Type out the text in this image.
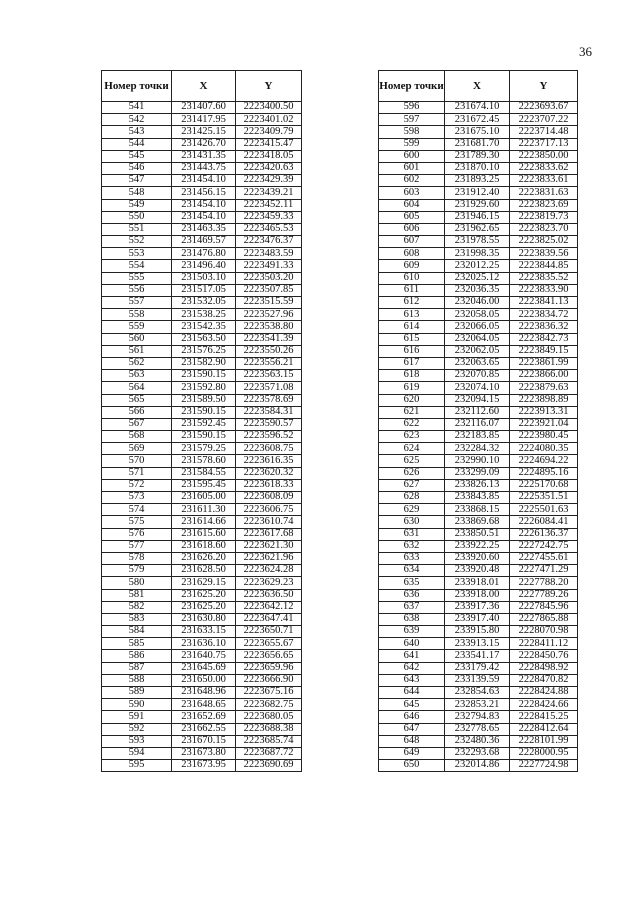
36
Номер точки	X	Y
541	231407.60	2223400.50
542	231417.95	2223401.02
543	231425.15	2223409.79
544	231426.70	2223415.47
545	231431.35	2223418.05
546	231443.75	2223420.63
547	231454.10	2223429.39
548	231456.15	2223439.21
549	231454.10	2223452.11
550	231454.10	2223459.33
551	231463.35	2223465.53
552	231469.57	2223476.37
553	231476.80	2223483.59
554	231496.40	2223491.33
555	231503.10	2223503.20
556	231517.05	2223507.85
557	231532.05	2223515.59
558	231538.25	2223527.96
559	231542.35	2223538.80
560	231563.50	2223541.39
561	231576.25	2223550.26
562	231582.90	2223556.21
563	231590.15	2223563.15
564	231592.80	2223571.08
565	231589.50	2223578.69
566	231590.15	2223584.31
567	231592.45	2223590.57
568	231590.15	2223596.52
569	231579.25	2223608.75
570	231578.60	2223616.35
571	231584.55	2223620.32
572	231595.45	2223618.33
573	231605.00	2223608.09
574	231611.30	2223606.75
575	231614.66	2223610.74
576	231615.60	2223617.68
577	231618.60	2223621.30
578	231626.20	2223621.96
579	231628.50	2223624.28
580	231629.15	2223629.23
581	231625.20	2223636.50
582	231625.20	2223642.12
583	231630.80	2223647.41
584	231633.15	2223650.71
585	231636.10	2223655.67
586	231640.75	2223656.65
587	231645.69	2223659.96
588	231650.00	2223666.90
589	231648.96	2223675.16
590	231648.65	2223682.75
591	231652.69	2223680.05
592	231662.55	2223688.38
593	231670.15	2223685.74
594	231673.80	2223687.72
595	231673.95	2223690.69
Номер точки	X	Y
596	231674.10	2223693.67
597	231672.45	2223707.22
598	231675.10	2223714.48
599	231681.70	2223717.13
600	231789.30	2223850.00
601	231870.10	2223833.62
602	231893.25	2223833.61
603	231912.40	2223831.63
604	231929.60	2223823.69
605	231946.15	2223819.73
606	231962.65	2223823.70
607	231978.55	2223825.02
608	231998.35	2223839.56
609	232012.25	2223844.85
610	232025.12	2223835.52
611	232036.35	2223833.90
612	232046.00	2223841.13
613	232058.05	2223834.72
614	232066.05	2223836.32
615	232064.05	2223842.73
616	232062.05	2223849.15
617	232063.65	2223861.99
618	232070.85	2223866.00
619	232074.10	2223879.63
620	232094.15	2223898.89
621	232112.60	2223913.31
622	232116.07	2223921.04
623	232183.85	2223980.45
624	232284.32	2224080.35
625	232990.10	2224694.22
626	233299.09	2224895.16
627	233826.13	2225170.68
628	233843.85	2225351.51
629	233868.15	2225501.63
630	233869.68	2226084.41
631	233850.51	2226136.37
632	233922.25	2227242.75
633	233920.60	2227455.61
634	233920.48	2227471.29
635	233918.01	2227788.20
636	233918.00	2227789.26
637	233917.36	2227845.96
638	233917.40	2227865.88
639	233915.80	2228070.98
640	233913.15	2228411.12
641	233541.17	2228450.76
642	233179.42	2228498.92
643	233139.59	2228470.82
644	232854.63	2228424.88
645	232853.21	2228424.66
646	232794.83	2228415.25
647	232778.65	2228412.64
648	232480.36	2228101.99
649	232293.68	2228000.95
650	232014.86	2227724.98
